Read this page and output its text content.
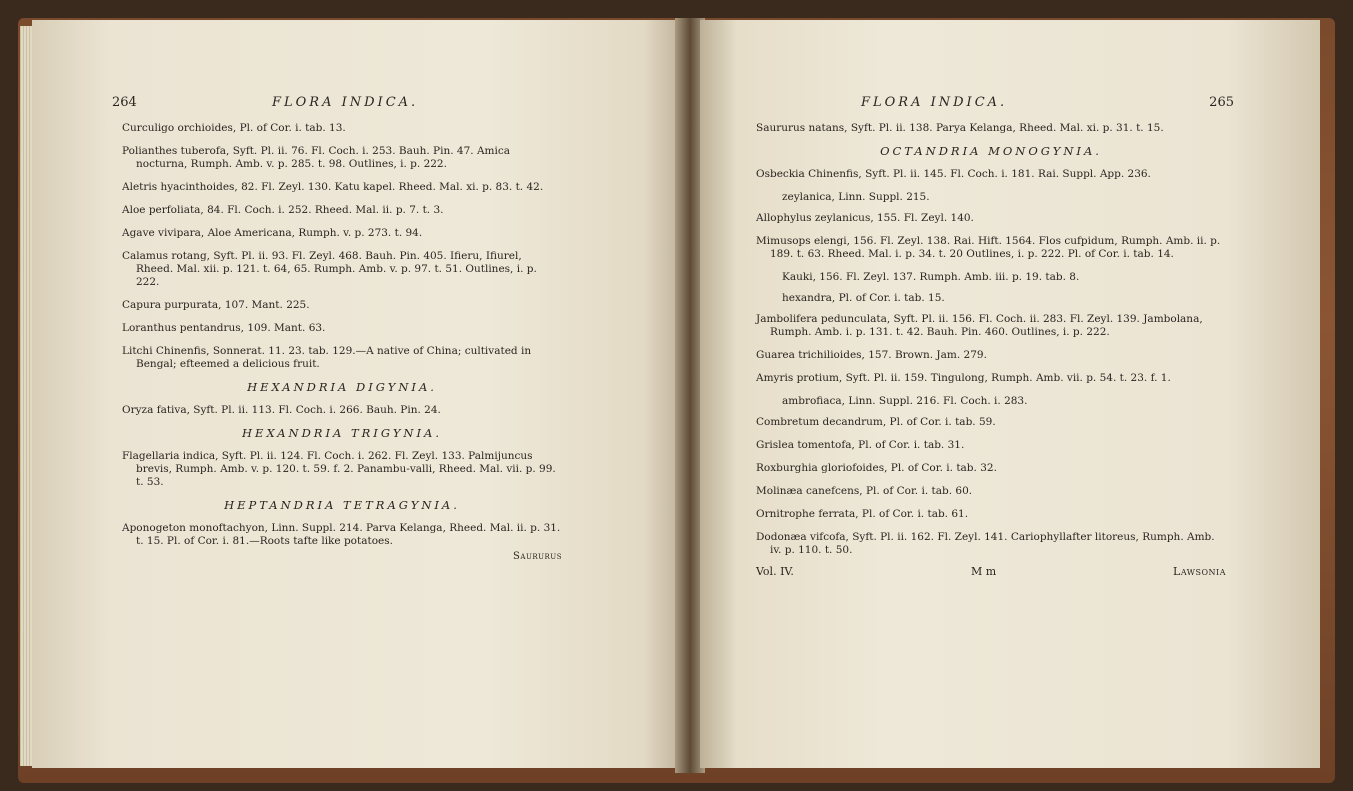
264	FLORA INDICA.
Curculigo orchioides, Pl. of Cor. i. tab. 13.
Polianthes tuberofa, Syft. Pl. ii. 76. Fl. Coch. i. 253. Bauh. Pin. 47. Amica nocturna, Rumph. Amb. v. p. 285. t. 98. Outlines, i. p. 222.
Aletris hyacinthoides, 82. Fl. Zeyl. 130. Katu kapel. Rheed. Mal. xi. p. 83. t. 42.
Aloe perfoliata, 84. Fl. Coch. i. 252. Rheed. Mal. ii. p. 7. t. 3.
Agave vivipara, Aloe Americana, Rumph. v. p. 273. t. 94.
Calamus rotang, Syft. Pl. ii. 93. Fl. Zeyl. 468. Bauh. Pin. 405. Ifieru, Ifiurel, Rheed. Mal. xii. p. 121. t. 64, 65. Rumph. Amb. v. p. 97. t. 51. Outlines, i. p. 222.
Capura purpurata, 107. Mant. 225.
Loranthus pentandrus, 109. Mant. 63.
Litchi Chinenfis, Sonnerat. 11. 23. tab. 129.—A native of China; cultivated in Bengal; efteemed a delicious fruit.
HEXANDRIA DIGYNIA.
Oryza fativa, Syft. Pl. ii. 113. Fl. Coch. i. 266. Bauh. Pin. 24.
HEXANDRIA TRIGYNIA.
Flagellaria indica, Syft. Pl. ii. 124. Fl. Coch. i. 262. Fl. Zeyl. 133. Palmijuncus brevis, Rumph. Amb. v. p. 120. t. 59. f. 2. Panambu-valli, Rheed. Mal. vii. p. 99. t. 53.
HEPTANDRIA TETRAGYNIA.
Aponogeton monoftachyon, Linn. Suppl. 214. Parva Kelanga, Rheed. Mal. ii. p. 31. t. 15. Pl. of Cor. i. 81.—Roots tafte like potatoes.
Saururus
FLORA INDICA.	265
Saururus natans, Syft. Pl. ii. 138. Parya Kelanga, Rheed. Mal. xi. p. 31. t. 15.
OCTANDRIA MONOGYNIA.
Osbeckia Chinenfis, Syft. Pl. ii. 145. Fl. Coch. i. 181. Rai. Suppl. App. 236.
zeylanica, Linn. Suppl. 215.
Allophylus zeylanicus, 155. Fl. Zeyl. 140.
Mimusops elengi, 156. Fl. Zeyl. 138. Rai. Hift. 1564. Flos cufpidum, Rumph. Amb. ii. p. 189. t. 63. Rheed. Mal. i. p. 34. t. 20 Outlines, i. p. 222. Pl. of Cor. i. tab. 14.
Kauki, 156. Fl. Zeyl. 137. Rumph. Amb. iii. p. 19. tab. 8.
hexandra, Pl. of Cor. i. tab. 15.
Jambolifera pedunculata, Syft. Pl. ii. 156. Fl. Coch. ii. 283. Fl. Zeyl. 139. Jambolana, Rumph. Amb. i. p. 131. t. 42. Bauh. Pin. 460. Outlines, i. p. 222.
Guarea trichilioides, 157. Brown. Jam. 279.
Amyris protium, Syft. Pl. ii. 159. Tingulong, Rumph. Amb. vii. p. 54. t. 23. f. 1.
ambrofiaca, Linn. Suppl. 216. Fl. Coch. i. 283.
Combretum decandrum, Pl. of Cor. i. tab. 59.
Grislea tomentofa, Pl. of Cor. i. tab. 31.
Roxburghia gloriofoides, Pl. of Cor. i. tab. 32.
Molinæa canefcens, Pl. of Cor. i. tab. 60.
Ornitrophe ferrata, Pl. of Cor. i. tab. 61.
Dodonæa vifcofa, Syft. Pl. ii. 162. Fl. Zeyl. 141. Cariophyllafter litoreus, Rumph. Amb. iv. p. 110. t. 50.
Vol. IV.	M m	Lawsonia
